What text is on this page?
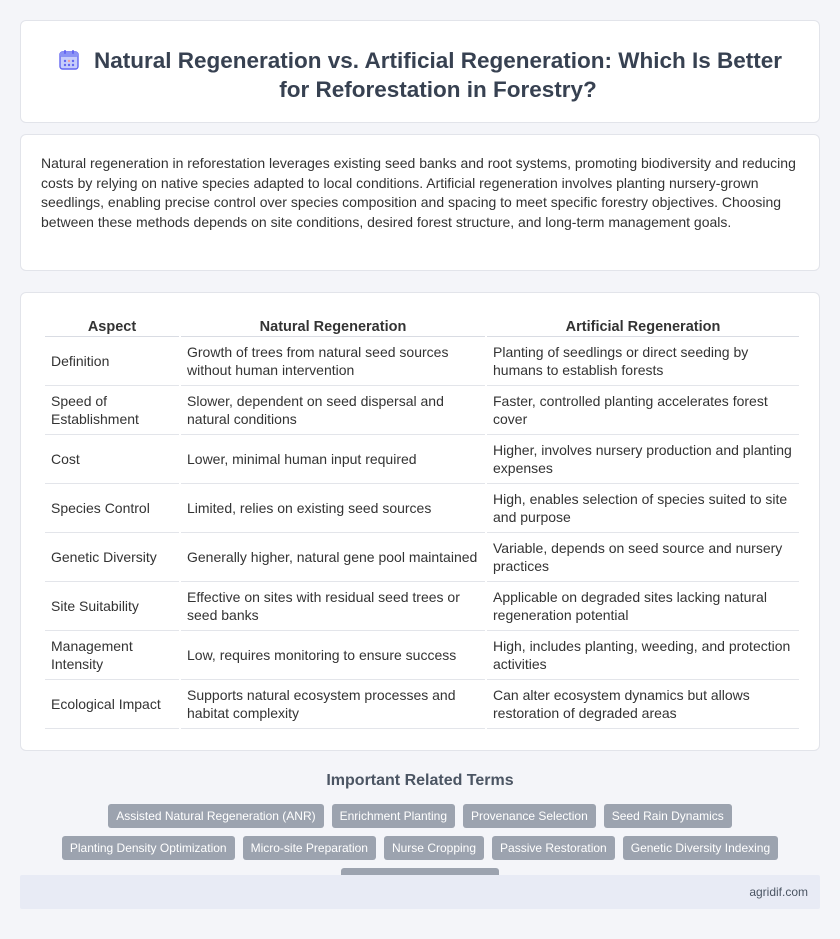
Natural Regeneration vs. Artificial Regeneration: Which Is Better for Reforestation in Forestry?

Natural regeneration in reforestation leverages existing seed banks and root systems, promoting biodiversity and reducing costs by relying on native species adapted to local conditions. Artificial regeneration involves planting nursery-grown seedlings, enabling precise control over species composition and spacing to meet specific forestry objectives. Choosing between these methods depends on site conditions, desired forest structure, and long-term management goals.

Aspect	Natural Regeneration	Artificial Regeneration
Definition	Growth of trees from natural seed sources without human intervention	Planting of seedlings or direct seeding by humans to establish forests
Speed of Establishment	Slower, dependent on seed dispersal and natural conditions	Faster, controlled planting accelerates forest cover
Cost	Lower, minimal human input required	Higher, involves nursery production and planting expenses
Species Control	Limited, relies on existing seed sources	High, enables selection of species suited to site and purpose
Genetic Diversity	Generally higher, natural gene pool maintained	Variable, depends on seed source and nursery practices
Site Suitability	Effective on sites with residual seed trees or seed banks	Applicable on degraded sites lacking natural regeneration potential
Management Intensity	Low, requires monitoring to ensure success	High, includes planting, weeding, and protection activities
Ecological Impact	Supports natural ecosystem processes and habitat complexity	Can alter ecosystem dynamics but allows restoration of degraded areas
Important Related Terms
Assisted Natural Regeneration (ANR)	Enrichment Planting	Provenance Selection	Seed Rain Dynamics
Planting Density Optimization	Micro-site Preparation	Nurse Cropping	Passive Restoration	Genetic Diversity Indexing
agridif.com
